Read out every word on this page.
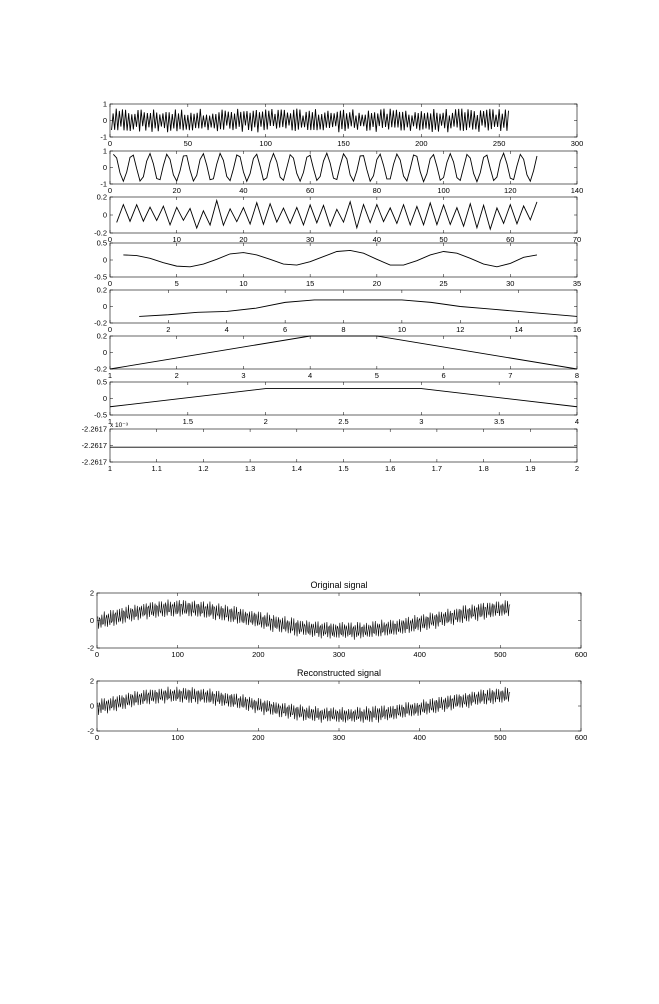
0	50	100	150	200	250	300
-1
0
1
0	20	40	60	80	100	120	140
-1
0
1
0	10	20	30	40	50	60	70
-0.2
0
0.2
0	5	10	15	20	25	30	35
-0.5
0
0.5
0	2	4	6	8	10	12	14	16
-0.2
0
0.2
1	2	3	4	5	6	7	8
-0.2
0
0.2
1	1.5	2	2.5	3	3.5	4
-0.5
0
0.5
1	1.1	1.2	1.3	1.4	1.5	1.6	1.7	1.8	1.9	2
-2.2617
-2.2617
-2.2617 x 10⁻³
Original signal
0	100	200	300	400	500	600
-2
0
2
Reconstructed signal
0	100	200	300	400	500	600
-2
0
2
